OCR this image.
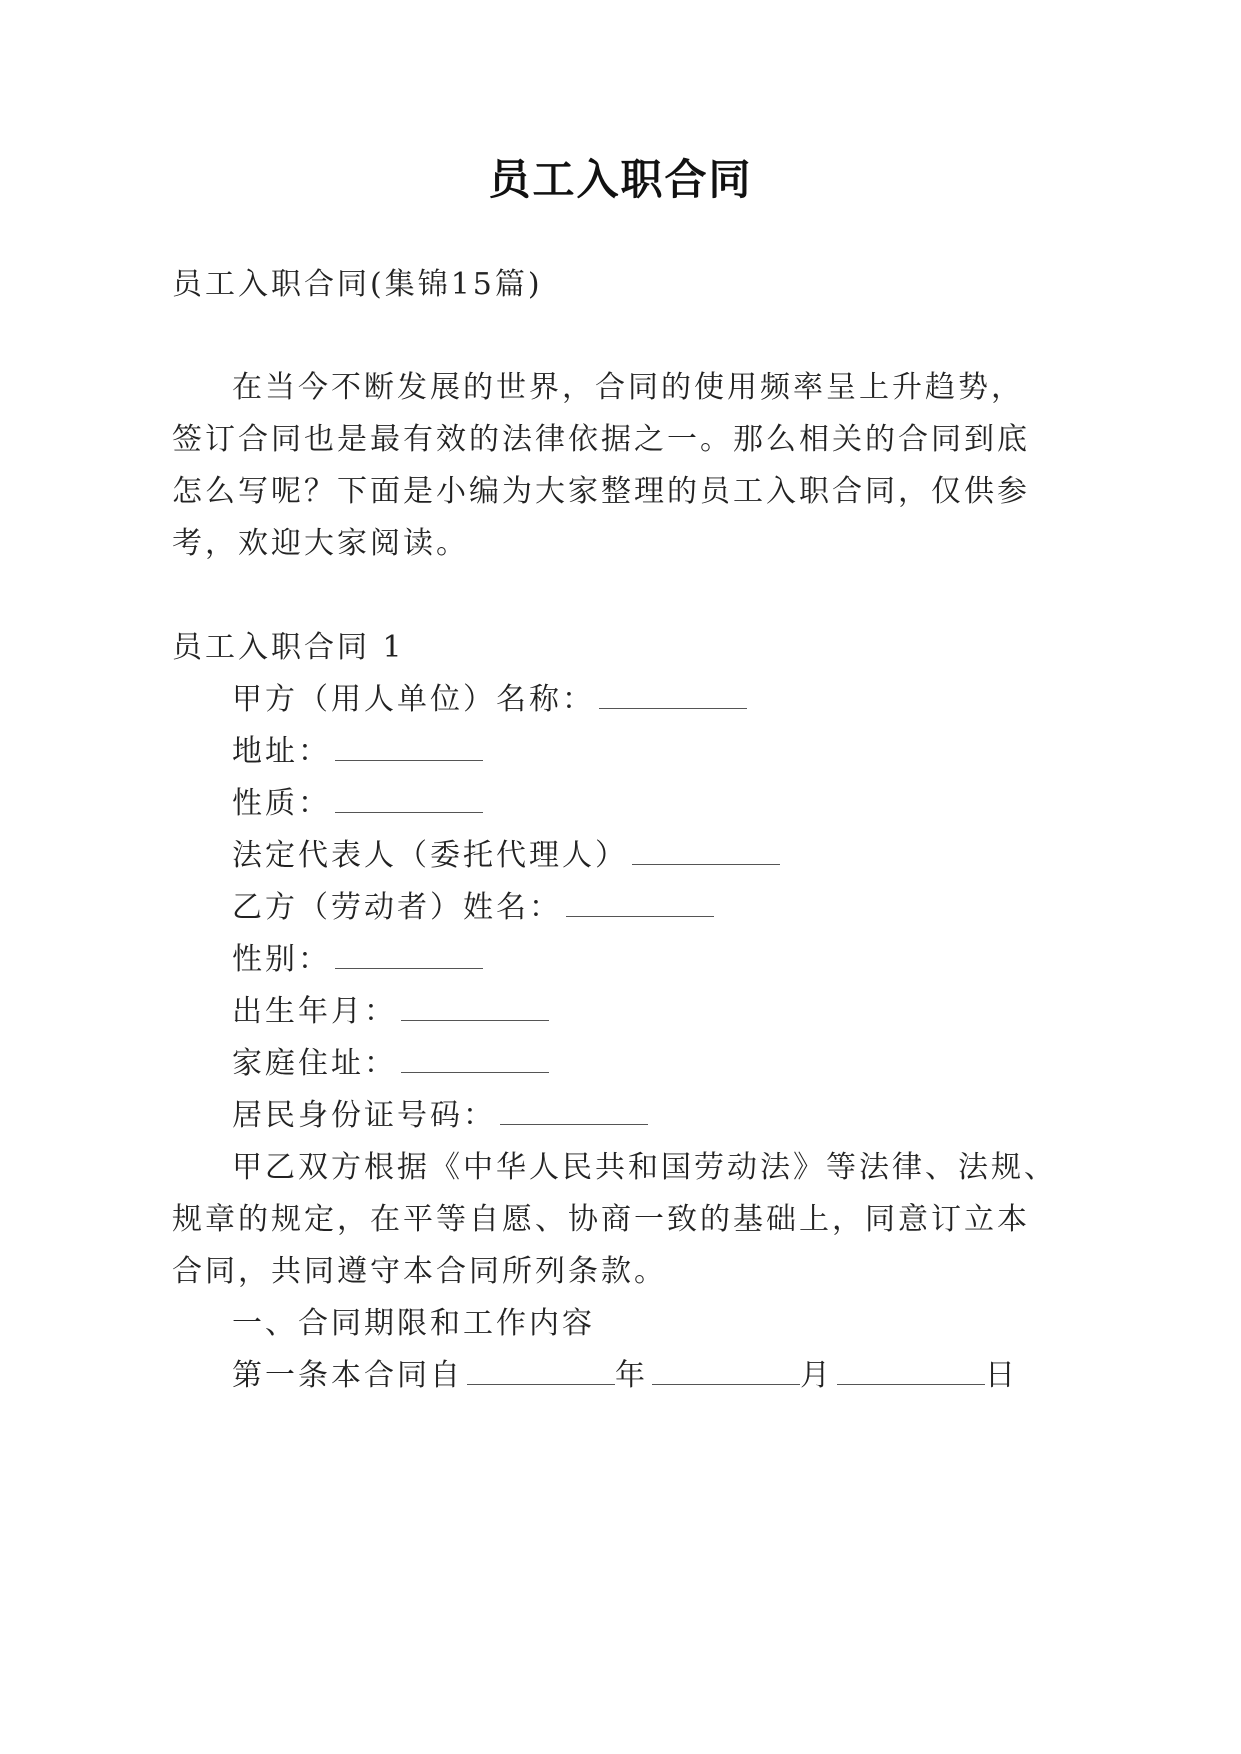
员工入职合同
员工入职合同(集锦15篇)
在当今不断发展的世界，合同的使用频率呈上升趋势，
签订合同也是最有效的法律依据之一。那么相关的合同到底
怎么写呢？下面是小编为大家整理的员工入职合同，仅供参
考，欢迎大家阅读。
员工入职合同 1
甲方（用人单位）名称：
地址：
性质：
法定代表人（委托代理人）
乙方（劳动者）姓名：
性别：
出生年月：
家庭住址：
居民身份证号码：
甲乙双方根据《中华人民共和国劳动法》等法律、法规、
规章的规定，在平等自愿、协商一致的基础上，同意订立本
合同，共同遵守本合同所列条款。
一、合同期限和工作内容
第一条本合同自	年	月	日
